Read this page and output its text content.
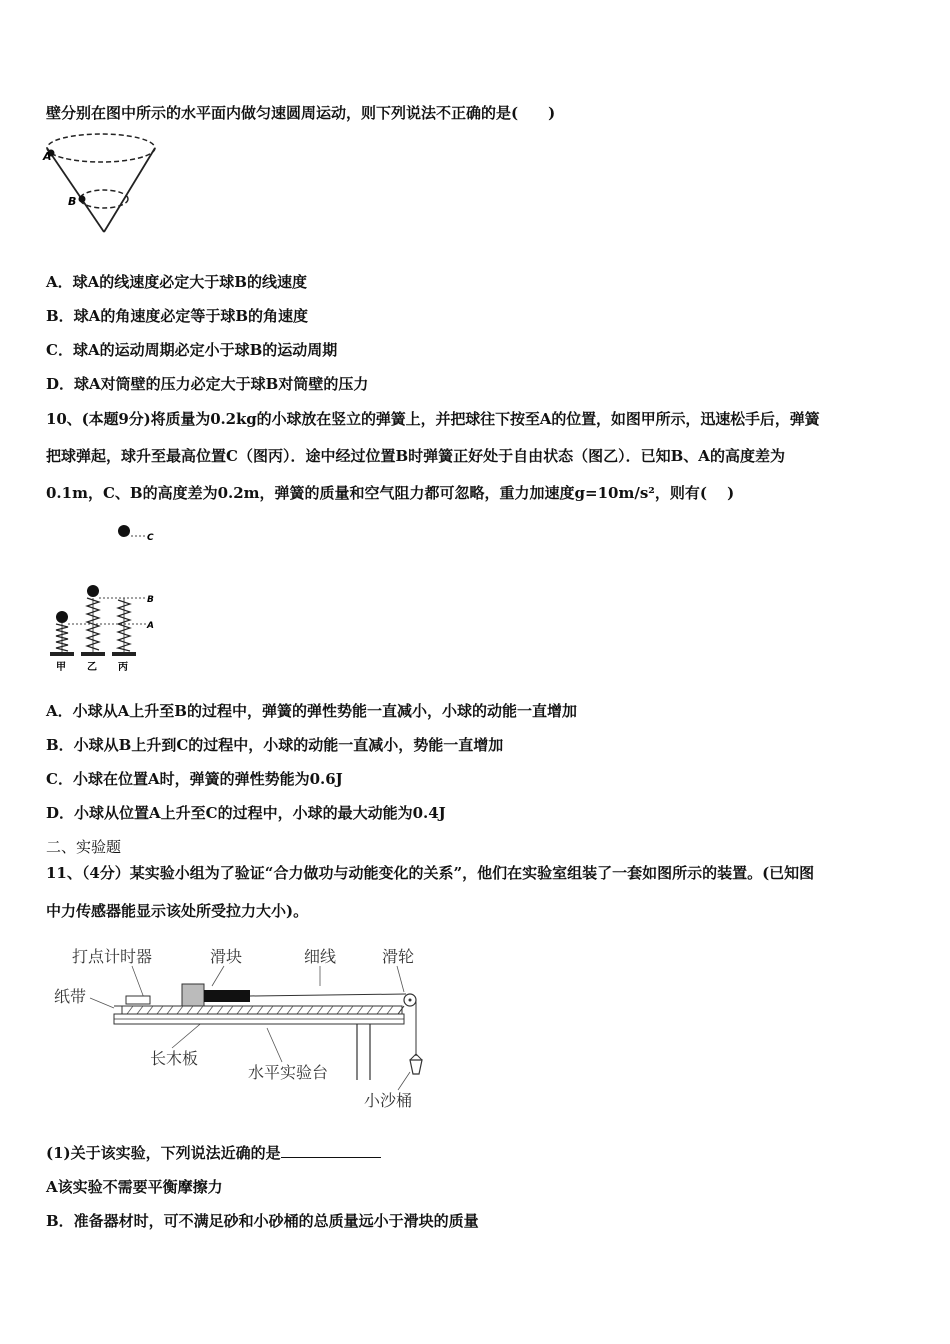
壁分别在图中所示的水平面内做匀速圆周运动，则下列说法不正确的是(　　)
A
B
A．球A的线速度必定大于球B的线速度
B．球A的角速度必定等于球B的角速度
C．球A的运动周期必定小于球B的运动周期
D．球A对筒壁的压力必定大于球B对筒壁的压力
10、(本题9分)将质量为0.2kg的小球放在竖立的弹簧上，并把球往下按至A的位置，如图甲所示，迅速松手后，弹簧
把球弹起，球升至最高位置C（图丙）．途中经过位置B时弹簧正好处于自由状态（图乙）．已知B、A的高度差为
0.1m，C、B的高度差为0.2m，弹簧的质量和空气阻力都可忽略，重力加速度g=10m/s²，则有(　 )
C
B
A
甲 乙 丙
A．小球从A上升至B的过程中，弹簧的弹性势能一直减小，小球的动能一直增加
B．小球从B上升到C的过程中，小球的动能一直减小，势能一直增加
C．小球在位置A时，弹簧的弹性势能为0.6J
D．小球从位置A上升至C的过程中，小球的最大动能为0.4J
二、实验题
11、（4分）某实验小组为了验证“合力做功与动能变化的关系”，他们在实验室组装了一套如图所示的装置。(已知图
中力传感器能显示该处所受拉力大小)。
打点计时器	滑块	细线	滑轮
纸带
长木板
水平实验台
小沙桶
(1)关于该实验，下列说法近确的是
A该实验不需要平衡摩擦力
B．准备器材时，可不满足砂和小砂桶的总质量远小于滑块的质量
